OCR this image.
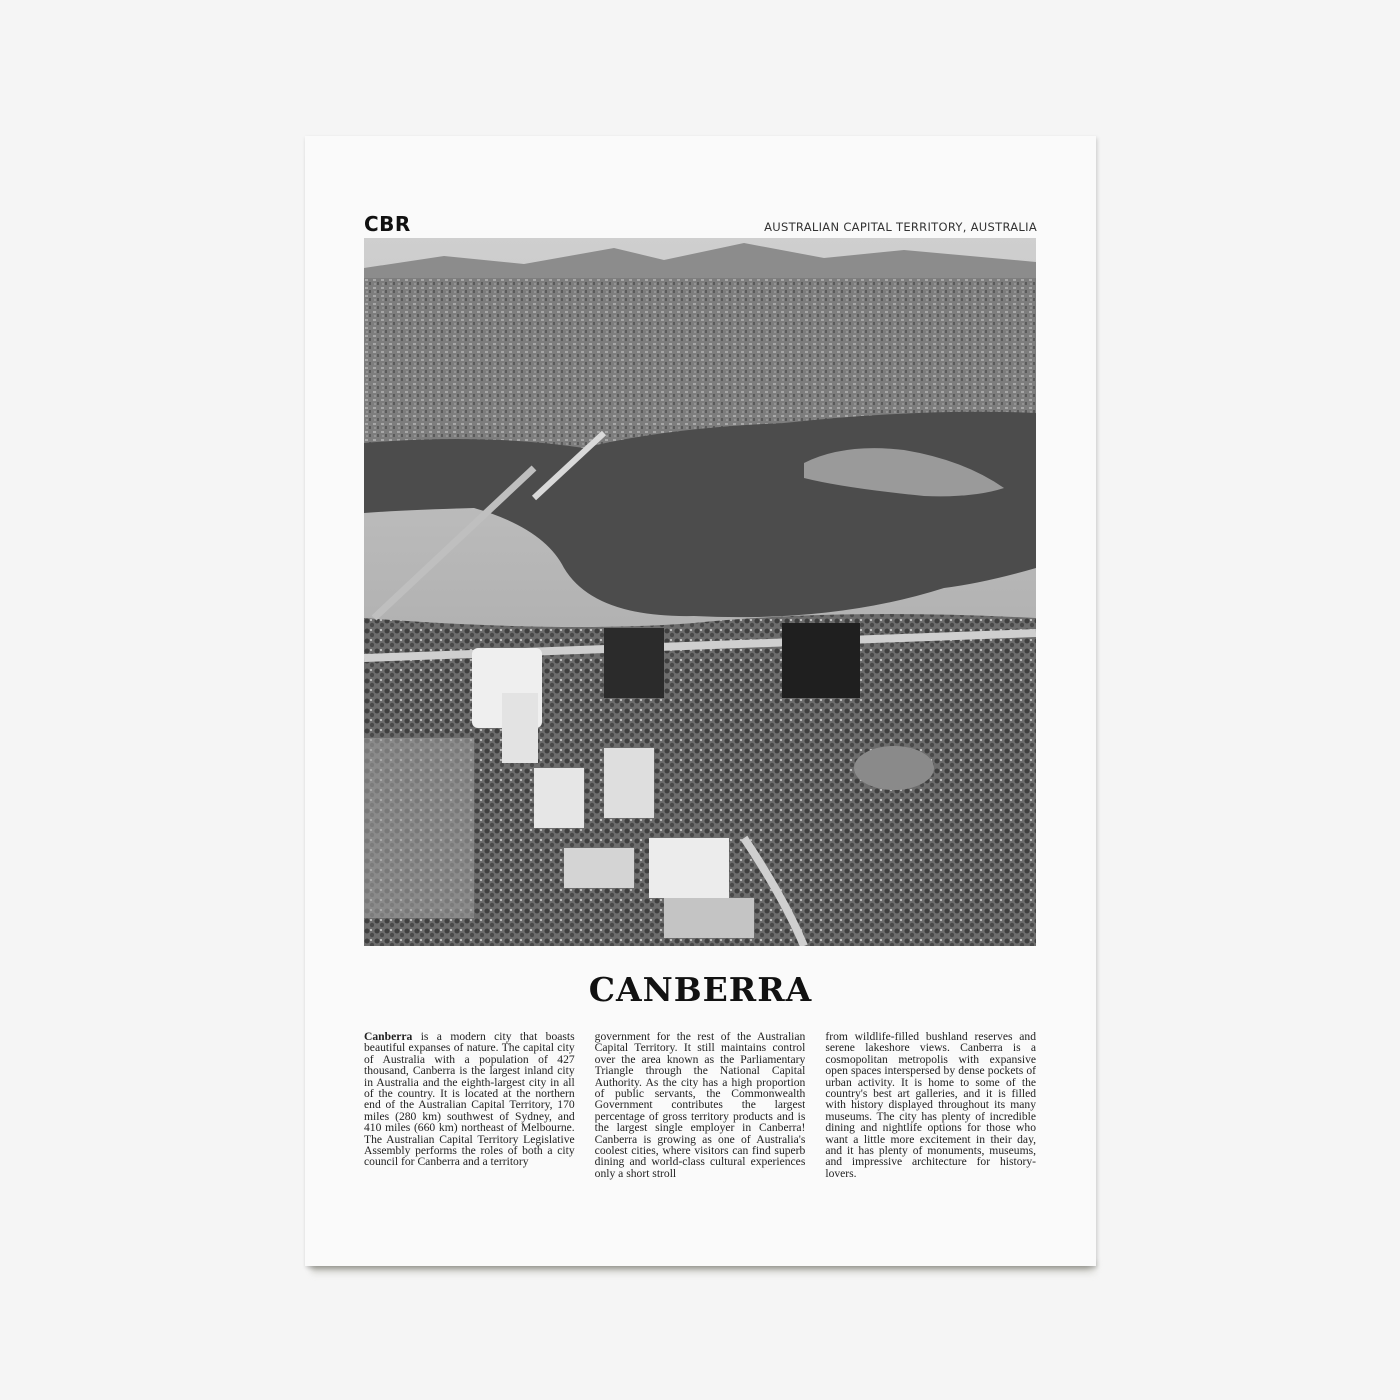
CBR	AUSTRALIAN CAPITAL TERRITORY, AUSTRALIA
CANBERRA
Canberra is a modern city that boasts beautiful expanses of nature. The capital city of Australia with a population of 427 thousand, Canberra is the largest inland city in Australia and the eighth-largest city in all of the country. It is located at the northern end of the Australian Capital Territory, 170 miles (280 km) southwest of Sydney, and 410 miles (660 km) northeast of Melbourne. The Australian Capital Territory Legislative Assembly performs the roles of both a city council for Canberra and a territory
government for the rest of the Australian Capital Territory. It still maintains control over the area known as the Parliamentary Triangle through the National Capital Authority. As the city has a high proportion of public servants, the Commonwealth Government contributes the largest percentage of gross territory products and is the largest single employer in Canberra! Canberra is growing as one of Australia's coolest cities, where visitors can find superb dining and world-class cultural experiences only a short stroll
from wildlife-filled bushland reserves and serene lakeshore views. Canberra is a cosmopolitan metropolis with expansive open spaces interspersed by dense pockets of urban activity. It is home to some of the country's best art galleries, and it is filled with history displayed throughout its many museums. The city has plenty of incredible dining and nightlife options for those who want a little more excitement in their day, and it has plenty of monuments, museums, and impressive architecture for history-lovers.
